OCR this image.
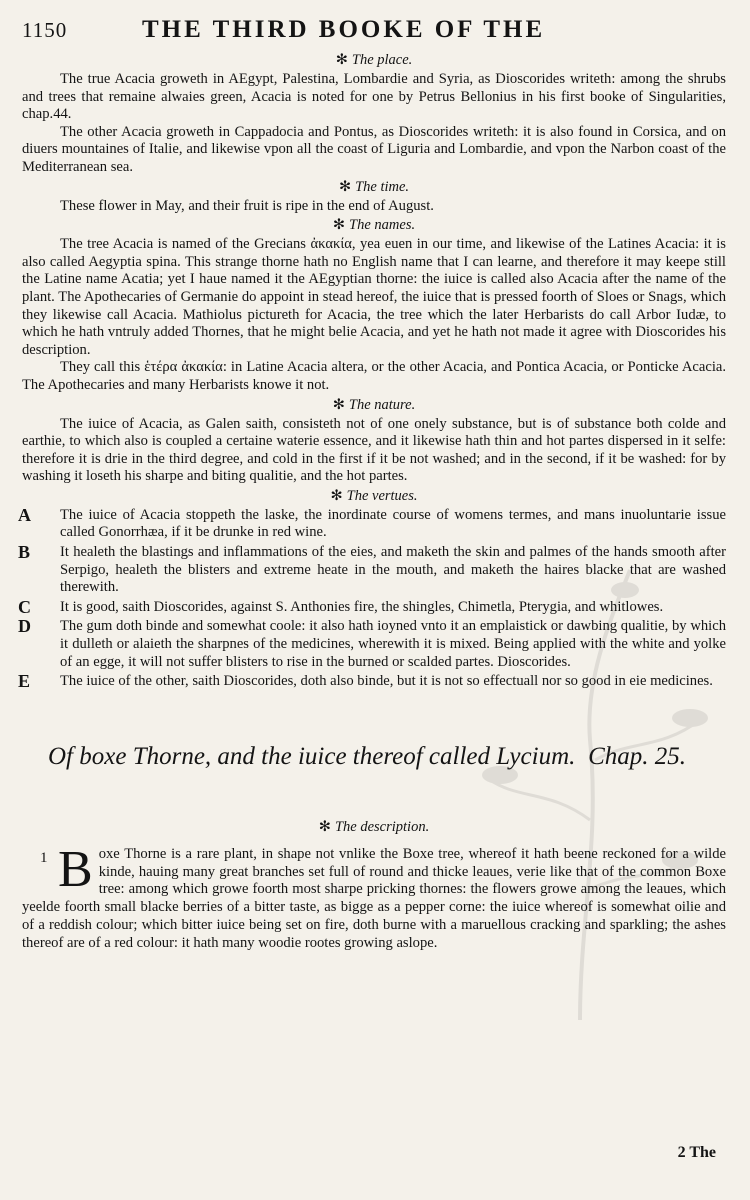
1150	THE THIRD BOOKE OF THE
✻ The place.

The true Acacia groweth in AEgypt, Palestina, Lombardie and Syria, as Dioscorides writeth: among the shrubs and trees that remaine alwaies green, Acacia is noted for one by Petrus Bellonius in his first booke of Singularities, chap.44.

The other Acacia groweth in Cappadocia and Pontus, as Dioscorides writeth: it is also found in Corsica, and on diuers mountaines of Italie, and likewise vpon all the coast of Liguria and Lombardie, and vpon the Narbon coast of the Mediterranean sea.

✻ The time.

These flower in May, and their fruit is ripe in the end of August.

✻ The names.

The tree Acacia is named of the Grecians ἀκακία, yea euen in our time, and likewise of the Latines Acacia: it is also called Aegyptia spina. This strange thorne hath no English name that I can learne, and therefore it may keepe still the Latine name Acatia; yet I haue named it the AEgyptian thorne: the iuice is called also Acacia after the name of the plant. The Apothecaries of Germanie do appoint in stead hereof, the iuice that is pressed foorth of Sloes or Snags, which they likewise call Acacia. Mathiolus pictureth for Acacia, the tree which the later Herbarists do call Arbor Iudæ, to which he hath vntruly added Thornes, that he might belie Acacia, and yet he hath not made it agree with Dioscorides his description.

They call this ἑτέρα ἀκακία: in Latine Acacia altera, or the other Acacia, and Pontica Acacia, or Ponticke Acacia. The Apothecaries and many Herbarists knowe it not.

✻ The nature.

The iuice of Acacia, as Galen saith, consisteth not of one onely substance, but is of substance both colde and earthie, to which also is coupled a certaine waterie essence, and it likewise hath thin and hot partes dispersed in it selfe: therefore it is drie in the third degree, and cold in the first if it be not washed; and in the second, if it be washed: for by washing it loseth his sharpe and biting qualitie, and the hot partes.

✻ The vertues.
A The iuice of Acacia stoppeth the laske, the inordinate course of womens termes, and mans inuoluntarie issue called Gonorrhæa, if it be drunke in red wine.
B It healeth the blastings and inflammations of the eies, and maketh the skin and palmes of the hands smooth after Serpigo, healeth the blisters and extreme heate in the mouth, and maketh the haires blacke that are washed therewith.
C It is good, saith Dioscorides, against S. Anthonies fire, the shingles, Chimetla, Pterygia, and whitlowes.
D The gum doth binde and somewhat coole: it also hath ioyned vnto it an emplaistick or dawbing qualitie, by which it dulleth or alaieth the sharpnes of the medicines, wherewith it is mixed. Being applied with the white and yolke of an egge, it will not suffer blisters to rise in the burned or scalded partes. Dioscorides.
E The iuice of the other, saith Dioscorides, doth also binde, but it is not so effectuall nor so good in eie medicines.
Of boxe Thorne, and the iuice thereof called Lycium. Chap. 25.
✻ The description.
1 B oxe Thorne is a rare plant, in shape not vnlike the Boxe tree, whereof it hath beene reckoned for a wilde kinde, hauing many great branches set full of round and thicke leaues, verie like that of the common Boxe tree: among which growe foorth most sharpe pricking thornes: the flowers growe among the leaues, which yeelde foorth small blacke berries of a bitter taste, as bigge as a pepper corne: the iuice whereof is somewhat oilie and of a reddish colour; which bitter iuice being set on fire, doth burne with a maruellous cracking and sparkling; the ashes thereof are of a red colour: it hath many woodie rootes growing aslope.
2 The
